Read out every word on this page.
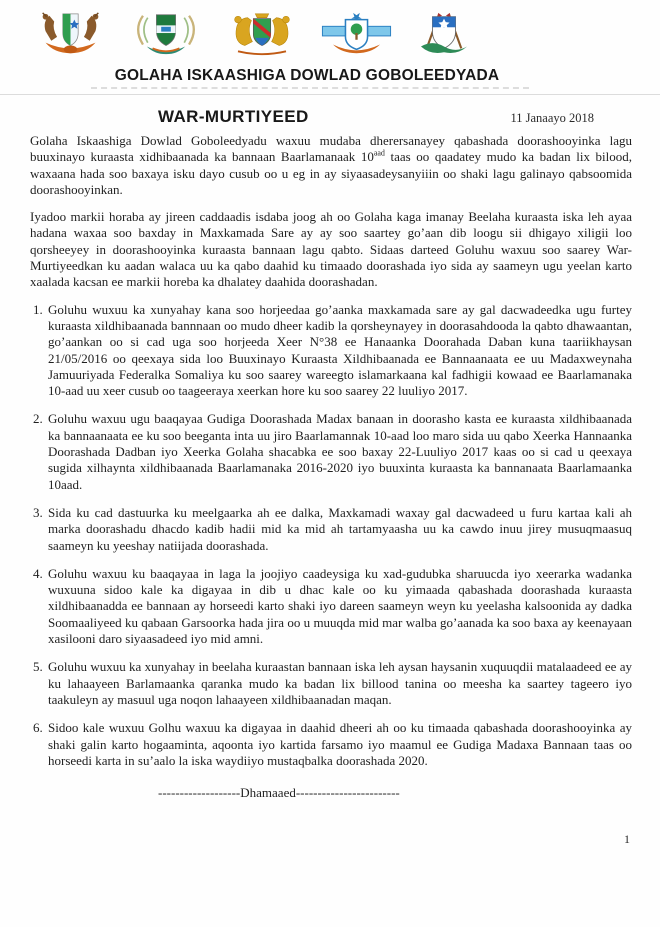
GOLAHA ISKAASHIGA DOWLAD GOBOLEEDYADA
WAR-MURTIYEED	11 Janaayo 2018

Golaha Iskaashiga Dowlad Goboleedyadu waxuu mudaba dherersanayey qabashada doorashooyinka lagu buuxinayo kuraasta xidhibaanada ka bannaan Baarlamanaak $10^{aad}$ taas oo qaadatey mudo ka badan lix bilood, waxaana hada soo baxaya isku dayo cusub oo u eg in ay siyaasadeysanyiiin oo shaki lagu galinayo qabsoomida doorashooyinkan.

Iyadoo markii horaba ay jireen caddaadis isdaba joog ah oo Golaha kaga imanay Beelaha kuraasta iska leh ayaa hadana waxaa soo baxday in Maxkamada Sare ay ay soo saartey go’aan dib loogu sii dhigayo xiligii loo qorsheeyey in doorashooyinka kuraasta bannaan lagu qabto. Sidaas darteed Goluhu waxuu soo saarey War-Murtiyeedkan ku aadan walaca uu ka qabo daahid ku timaado doorashada iyo sida ay saameyn ugu yeelan karto xaalada kacsan ee markii horeba ka dhalatey daahida doorashadan.

1. Goluhu wuxuu ka xunyahay kana soo horjeedaa go’aanka maxkamada sare ay gal dacwadeedka ugu furtey kuraasta xildhibaanada bannnaan oo mudo dheer kadib la qorsheynayey in doorasahdooda la qabto dhawaantan, go’aankan oo si cad uga soo horjeeda Xeer N°38 ee Hanaanka Doorahada Daban kuna taariikhaysan 21/05/2016 oo qeexaya sida loo Buuxinayo Kuraasta Xildhibaanada ee Bannaanaata ee uu Madaxweynaha Jamuuriyada Federalka Somaliya ku soo saarey wareegto islamarkaana kal fadhigii kowaad ee Baarlamanaka 10-aad uu xeer cusub oo taageeraya xeerkan hore ku soo saarey 22 luuliyo 2017.
2. Goluhu waxuu ugu baaqayaa Gudiga Doorashada Madax banaan in doorasho kasta ee kuraasta xildhibaanada ka bannaanaata ee ku soo beeganta inta uu jiro Baarlamannak 10-aad loo maro sida uu qabo Xeerka Hannaanka Doorashada Dadban iyo Xeerka Golaha shacabka ee soo baxay 22-Luuliyo 2017 kaas oo si cad u qeexaya sugida xilhaynta xildhibaanada Baarlamanaka 2016-2020 iyo buuxinta kuraasta ka bannanaata Baarlamaanka 10aad.
3. Sida ku cad dastuurka ku meelgaarka ah ee dalka, Maxkamadi waxay gal dacwadeed u furu kartaa kali ah marka doorashadu dhacdo kadib hadii mid ka mid ah tartamyaasha uu ka cawdo inuu jirey musuqmaasuq saameyn ku yeeshay natiijada doorashada.
4. Goluhu waxuu ku baaqayaa in laga la joojiyo caadeysiga ku xad-gudubka sharuucda iyo xeerarka wadanka wuxuuna sidoo kale ka digayaa in dib u dhac kale oo ku yimaada qabashada doorashada kuraasta xildhibaanadda ee bannaan ay horseedi karto shaki iyo dareen saameyn weyn ku yeelasha kalsoonida ay dadka Soomaaliyeed ku qabaan Garsoorka hada jira oo u muuqda mid mar walba go’aanada ka soo baxa ay keenayaan xasilooni daro siyaasadeed iyo mid amni.
5. Goluhu wuxuu ka xunyahay in beelaha kuraastan bannaan iska leh aysan haysanin xuquuqdii matalaadeed ee ay ku lahaayeen Barlamaanka qaranka mudo ka badan lix billood tanina oo meesha ka saartey tageero iyo taakuleyn ay masuul uga noqon lahaayeen xildhibaanadan maqan.
6. Sidoo kale wuxuu Golhu waxuu ka digayaa in daahid dheeri ah oo ku timaada qabashada doorashooyinka ay shaki galin karto hogaaminta, aqoonta iyo kartida farsamo iyo maamul ee Gudiga Madaxa Bannaan taas oo horseedi karta in su’aalo la iska waydiiyo mustaqbalka doorashada 2020.
-------------------Dhamaaed------------------------
1
